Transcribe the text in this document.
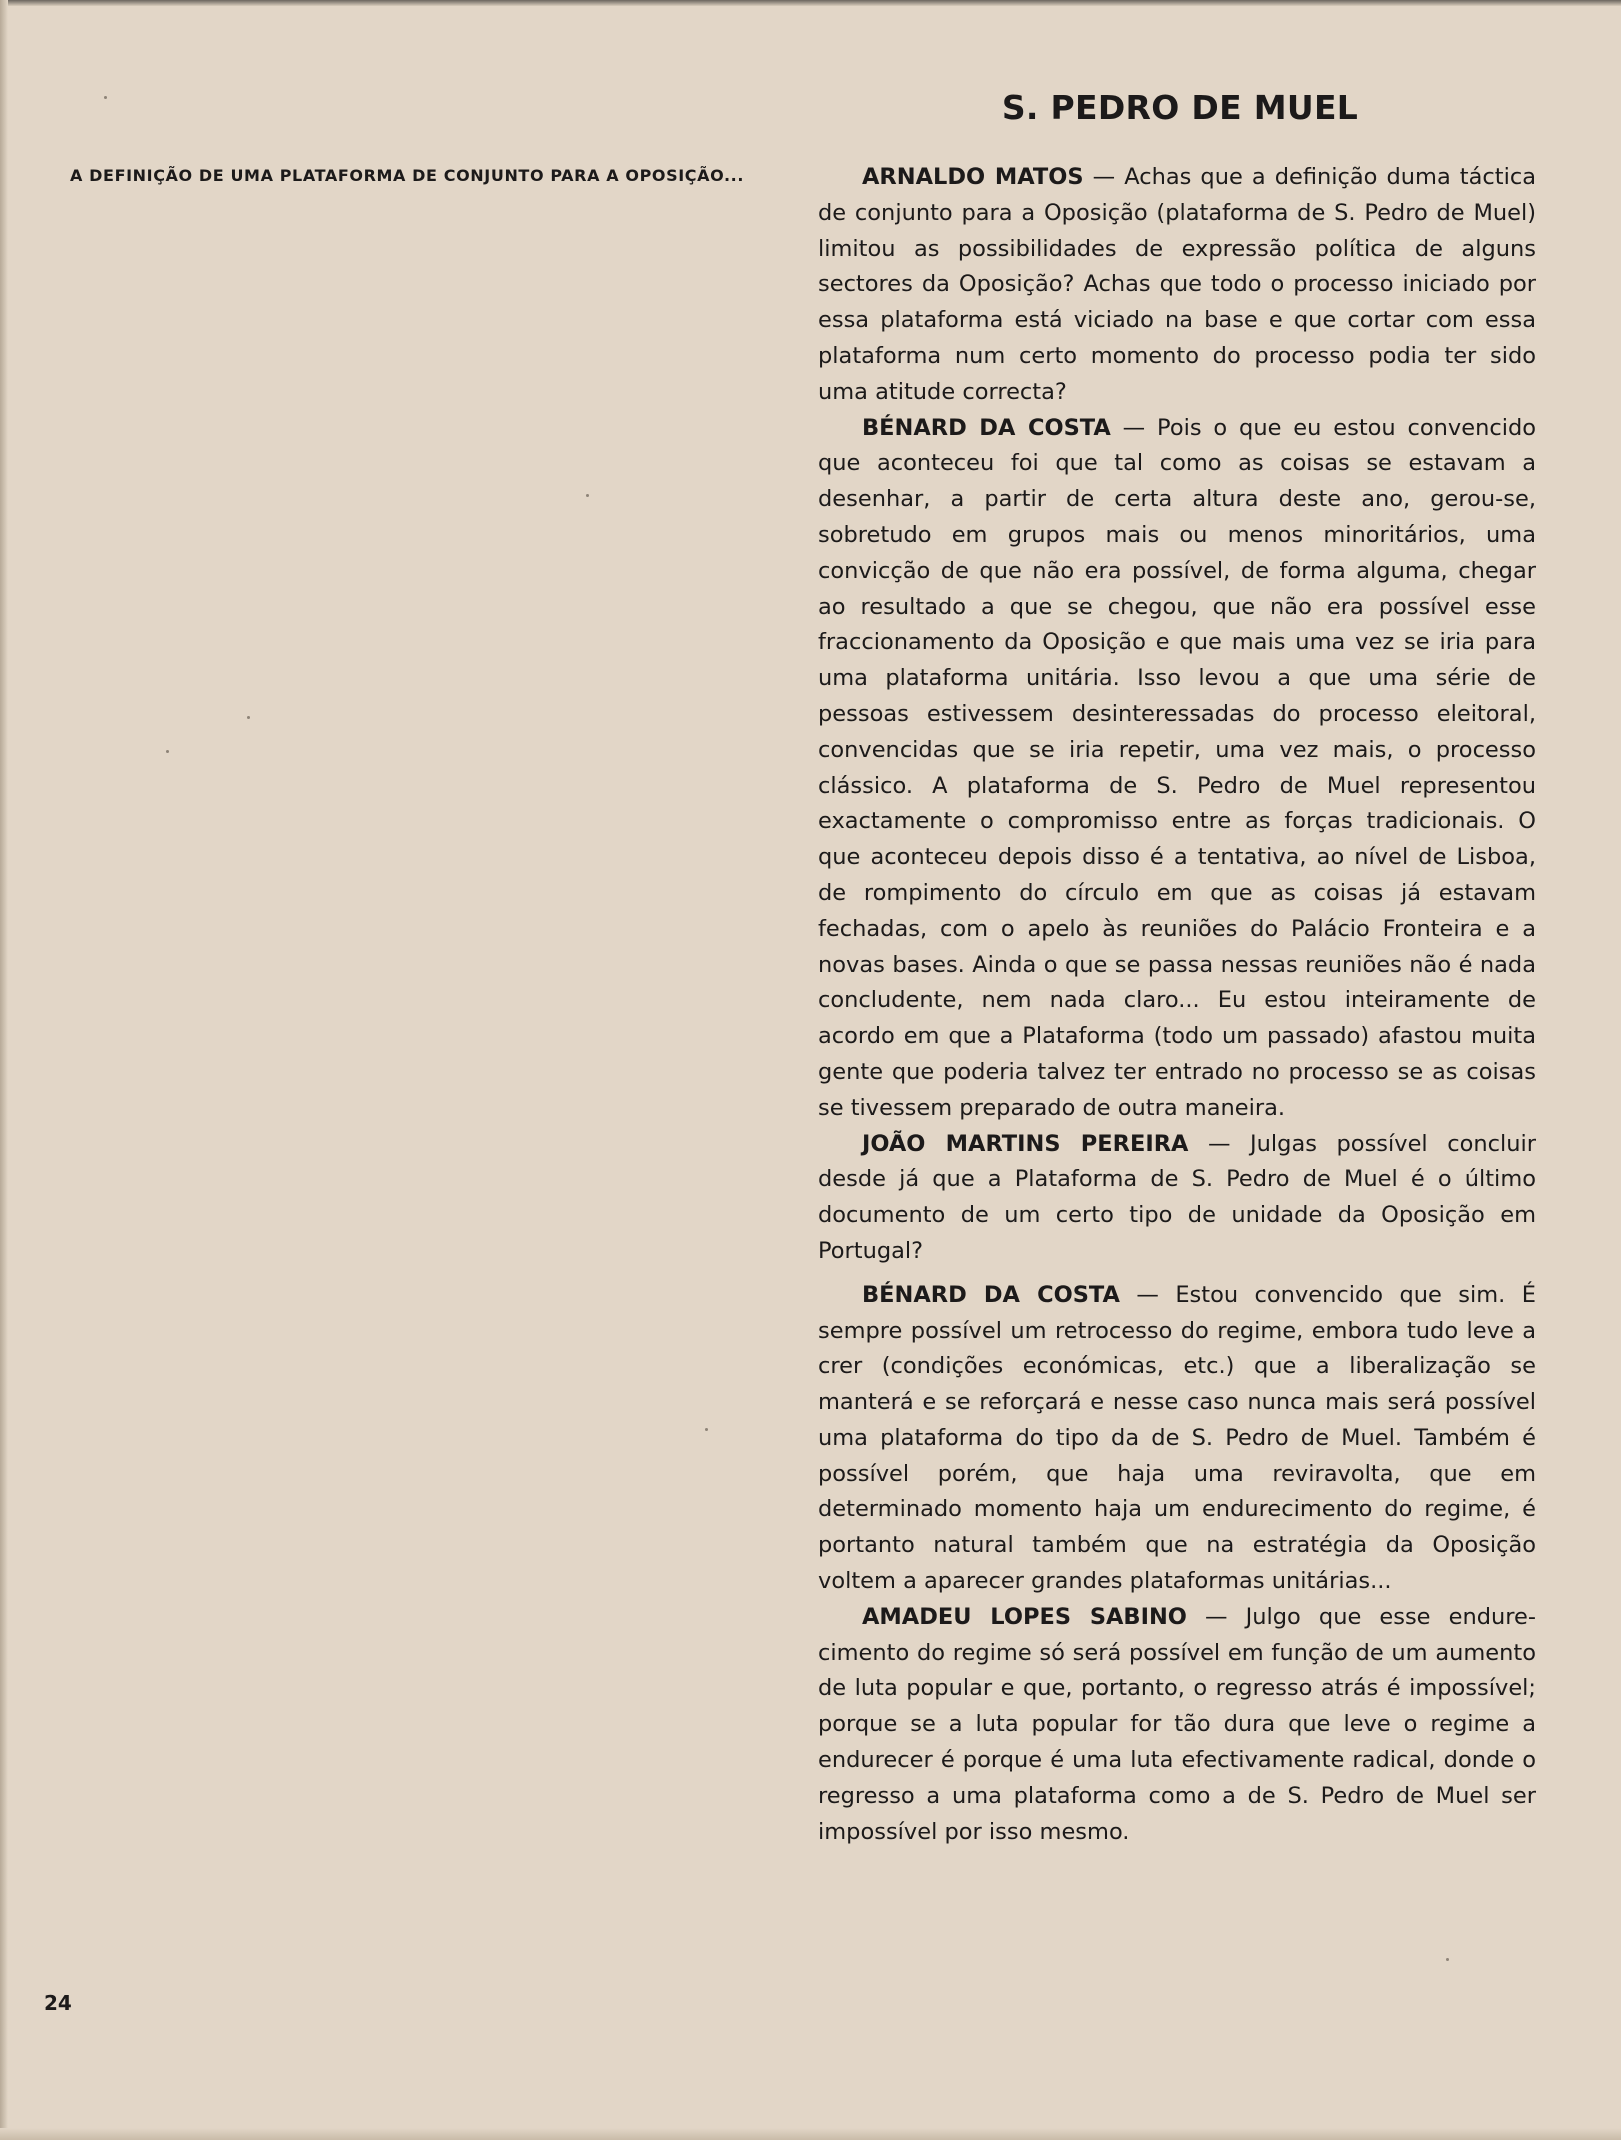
A DEFINIÇÃO DE UMA PLATAFORMA DE CONJUNTO PARA A OPOSIÇÃO...
S. PEDRO DE MUEL

ARNALDO MATOS — Achas que a definição duma táctica de conjunto para a Oposição (plataforma de S. Pedro de Muel) limitou as possibilidades de expressão política de alguns sectores da Oposição? Achas que todo o processo iniciado por essa plataforma está viciado na base e que cortar com essa plataforma num certo momento do processo podia ter sido uma atitude correcta?

BÉNARD DA COSTA — Pois o que eu estou convencido que aconteceu foi que tal como as coisas se estavam a desenhar, a partir de certa altura deste ano, gerou-se, sobretudo em grupos mais ou menos minoritários, uma convicção de que não era possível, de forma alguma, chegar ao resultado a que se chegou, que não era possível esse fraccionamento da Oposição e que mais uma vez se iria para uma plataforma unitária. Isso levou a que uma série de pessoas estivessem desinteressadas do processo eleitoral, convencidas que se iria repetir, uma vez mais, o processo clássico. A plataforma de S. Pedro de Muel representou exactamente o compromisso entre as forças tradicionais. O que aconteceu depois disso é a tentativa, ao nível de Lisboa, de rompimento do círculo em que as coisas já estavam fechadas, com o apelo às reuniões do Palácio Fronteira e a novas bases. Ainda o que se passa nessas reuniões não é nada concludente, nem nada claro... Eu estou inteiramente de acordo em que a Plataforma (todo um passado) afastou muita gente que poderia talvez ter entrado no processo se as coisas se tivessem preparado de outra maneira.

JOÃO MARTINS PEREIRA — Julgas possível concluir desde já que a Plataforma de S. Pedro de Muel é o último documento de um certo tipo de unidade da Oposição em Portugal?

BÉNARD DA COSTA — Estou convencido que sim. É sempre possível um retrocesso do regime, embora tudo leve a crer (condições económicas, etc.) que a liberalização se manterá e se reforçará e nesse caso nunca mais será possível uma plataforma do tipo da de S. Pedro de Muel. Também é possível porém, que haja uma reviravolta, que em determinado momento haja um endurecimento do regime, é portanto natural também que na estratégia da Oposição voltem a aparecer grandes plataformas unitárias...

AMADEU LOPES SABINO — Julgo que esse endurecimento do regime só será possível em função de um aumento de luta popular e que, portanto, o regresso atrás é impossível; porque se a luta popular for tão dura que leve o regime a endurecer é porque é uma luta efectivamente radical, donde o regresso a uma plataforma como a de S. Pedro de Muel ser impossível por isso mesmo.

24
